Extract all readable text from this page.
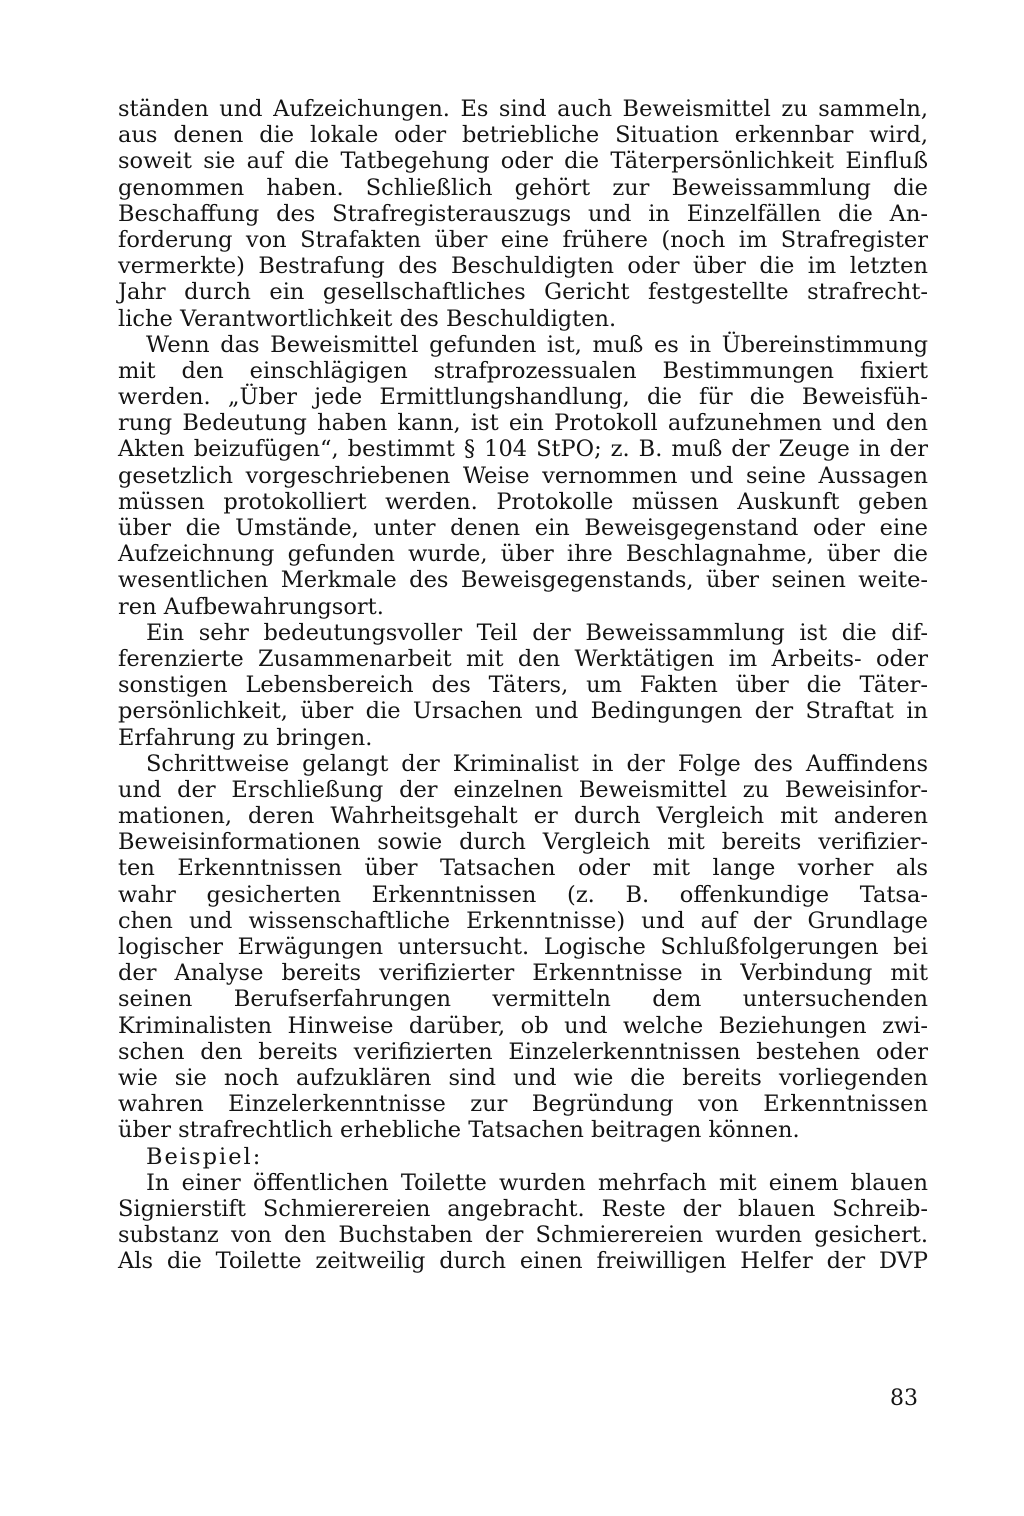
ständen und Aufzeichungen. Es sind auch Beweismittel zu sammeln,
aus denen die lokale oder betriebliche Situation erkennbar wird,
soweit sie auf die Tatbegehung oder die Täterpersönlichkeit Einfluß
genommen haben. Schließlich gehört zur Beweissammlung die
Beschaffung des Strafregisterauszugs und in Einzelfällen die An-
forderung von Strafakten über eine frühere (noch im Strafregister
vermerkte) Bestrafung des Beschuldigten oder über die im letzten
Jahr durch ein gesellschaftliches Gericht festgestellte strafrecht-
liche Verantwortlichkeit des Beschuldigten.
Wenn das Beweismittel gefunden ist, muß es in Übereinstimmung
mit den einschlägigen strafprozessualen Bestimmungen fixiert
werden. „Über jede Ermittlungshandlung, die für die Beweisfüh-
rung Bedeutung haben kann, ist ein Protokoll aufzunehmen und den
Akten beizufügen“, bestimmt § 104 StPO; z. B. muß der Zeuge in der
gesetzlich vorgeschriebenen Weise vernommen und seine Aussagen
müssen protokolliert werden. Protokolle müssen Auskunft geben
über die Umstände, unter denen ein Beweisgegenstand oder eine
Aufzeichnung gefunden wurde, über ihre Beschlagnahme, über die
wesentlichen Merkmale des Beweisgegenstands, über seinen weite-
ren Aufbewahrungsort.
Ein sehr bedeutungsvoller Teil der Beweissammlung ist die dif-
ferenzierte Zusammenarbeit mit den Werktätigen im Arbeits- oder
sonstigen Lebensbereich des Täters, um Fakten über die Täter-
persönlichkeit, über die Ursachen und Bedingungen der Straftat in
Erfahrung zu bringen.
Schrittweise gelangt der Kriminalist in der Folge des Auffindens
und der Erschließung der einzelnen Beweismittel zu Beweisinfor-
mationen, deren Wahrheitsgehalt er durch Vergleich mit anderen
Beweisinformationen sowie durch Vergleich mit bereits verifizier-
ten Erkenntnissen über Tatsachen oder mit lange vorher als
wahr gesicherten Erkenntnissen (z. B. offenkundige Tatsa-
chen und wissenschaftliche Erkenntnisse) und auf der Grundlage
logischer Erwägungen untersucht. Logische Schlußfolgerungen bei
der Analyse bereits verifizierter Erkenntnisse in Verbindung mit
seinen Berufserfahrungen vermitteln dem untersuchenden
Kriminalisten Hinweise darüber, ob und welche Beziehungen zwi-
schen den bereits verifizierten Einzelerkenntnissen bestehen oder
wie sie noch aufzuklären sind und wie die bereits vorliegenden
wahren Einzelerkenntnisse zur Begründung von Erkenntnissen
über strafrechtlich erhebliche Tatsachen beitragen können.
Beispiel:
In einer öffentlichen Toilette wurden mehrfach mit einem blauen
Signierstift Schmierereien angebracht. Reste der blauen Schreib-
substanz von den Buchstaben der Schmierereien wurden gesichert.
Als die Toilette zeitweilig durch einen freiwilligen Helfer der DVP
83
